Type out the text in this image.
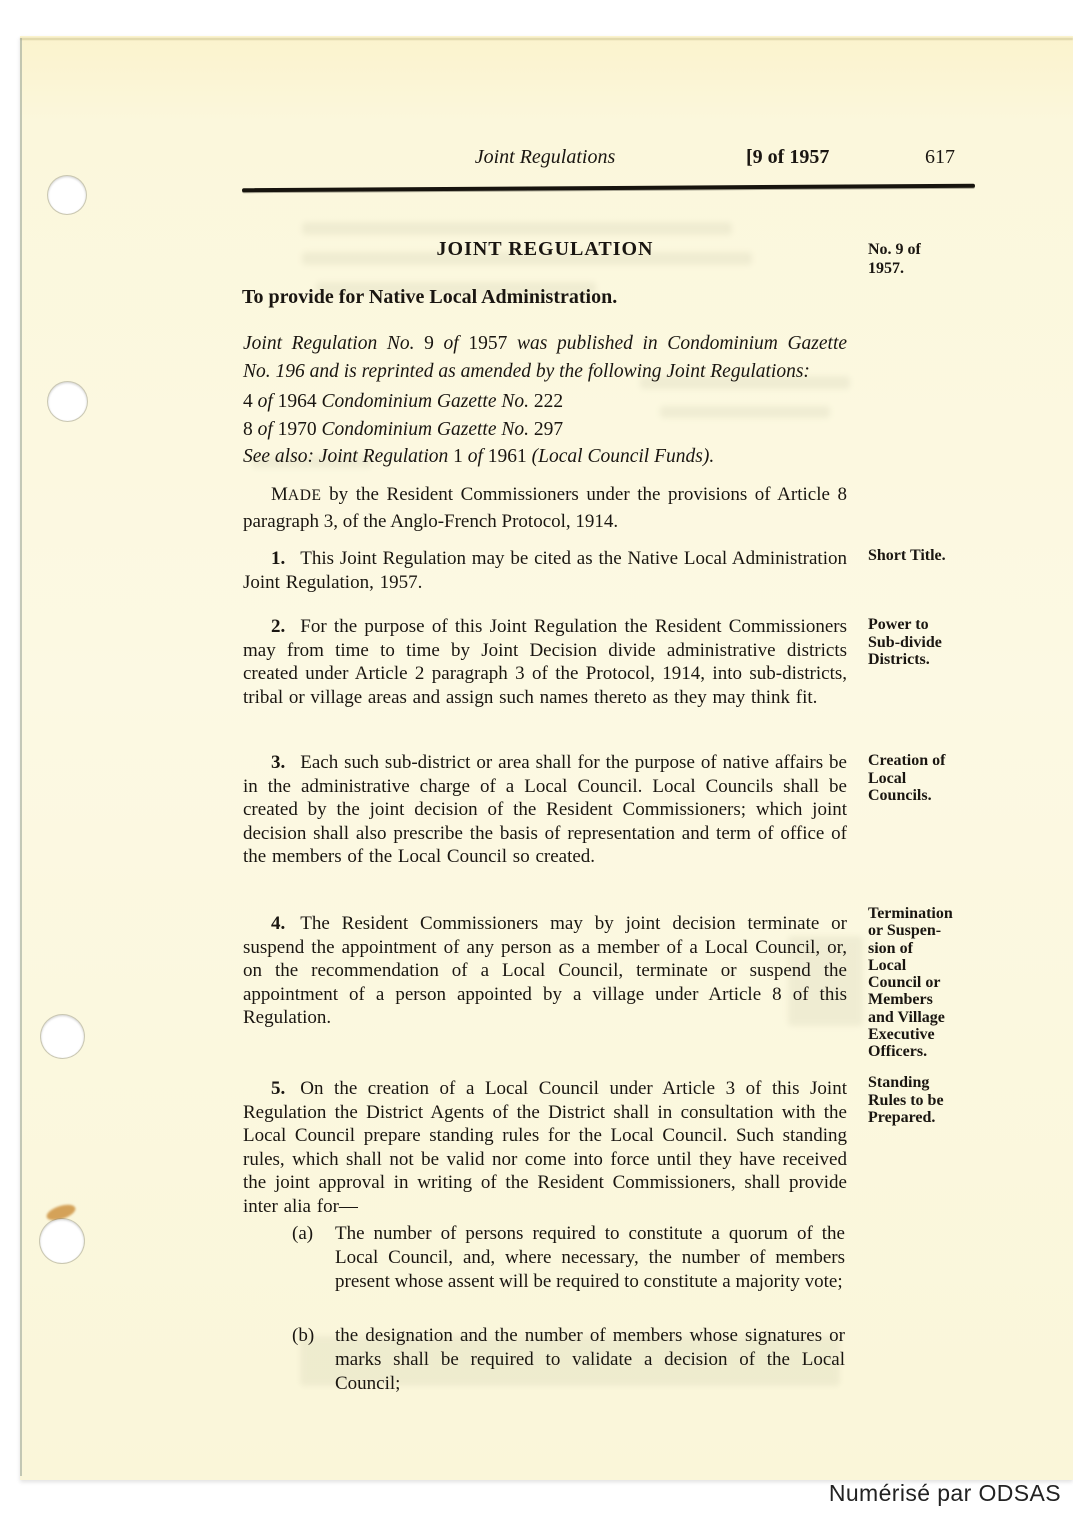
Joint Regulations	[9 of 1957	617
JOINT REGULATION	No. 9 of
1957.
To provide for Native Local Administration.

Joint Regulation No. 9 of 1957 was published in Condominium Gazette No. 196 and is reprinted as amended by the following Joint Regulations:

4 of 1964 Condominium Gazette No. 222

8 of 1970 Condominium Gazette No. 297

See also: Joint Regulation 1 of 1961 (Local Council Funds).

MADE by the Resident Commissioners under the provisions of Article 8 paragraph 3, of the Anglo-French Protocol, 1914.

1. This Joint Regulation may be cited as the Native Local Administration Joint Regulation, 1957.

2. For the purpose of this Joint Regulation the Resident Commissioners may from time to time by Joint Decision divide administrative districts created under Article 2 paragraph 3 of the Protocol, 1914, into sub-districts, tribal or village areas and assign such names thereto as they may think fit.

3. Each such sub-district or area shall for the purpose of native affairs be in the administrative charge of a Local Council. Local Councils shall be created by the joint decision of the Resident Commissioners; which joint decision shall also prescribe the basis of representation and term of office of the members of the Local Council so created.

4. The Resident Commissioners may by joint decision terminate or suspend the appointment of any person as a member of a Local Council, or, on the recommendation of a Local Council, terminate or suspend the appointment of a person appointed by a village under Article 8 of this Regulation.

5. On the creation of a Local Council under Article 3 of this Joint Regulation the District Agents of the District shall in consultation with the Local Council prepare standing rules for the Local Council. Such standing rules, which shall not be valid nor come into force until they have received the joint approval in writing of the Resident Commissioners, shall provide inter alia for—

Short Title.
Power to
Sub-divide
Districts.
Creation of
Local
Councils.
Termination
or Suspen-
sion of
Local
Council or
Members
and Village
Executive
Officers.
Standing
Rules to be
Prepared.
(a) The number of persons required to constitute a quorum of the Local Council, and, where necessary, the number of members present whose assent will be required to constitute a majority vote;
(b) the designation and the number of members whose signatures or marks shall be required to validate a decision of the Local Council;
Numérisé par ODSAS
